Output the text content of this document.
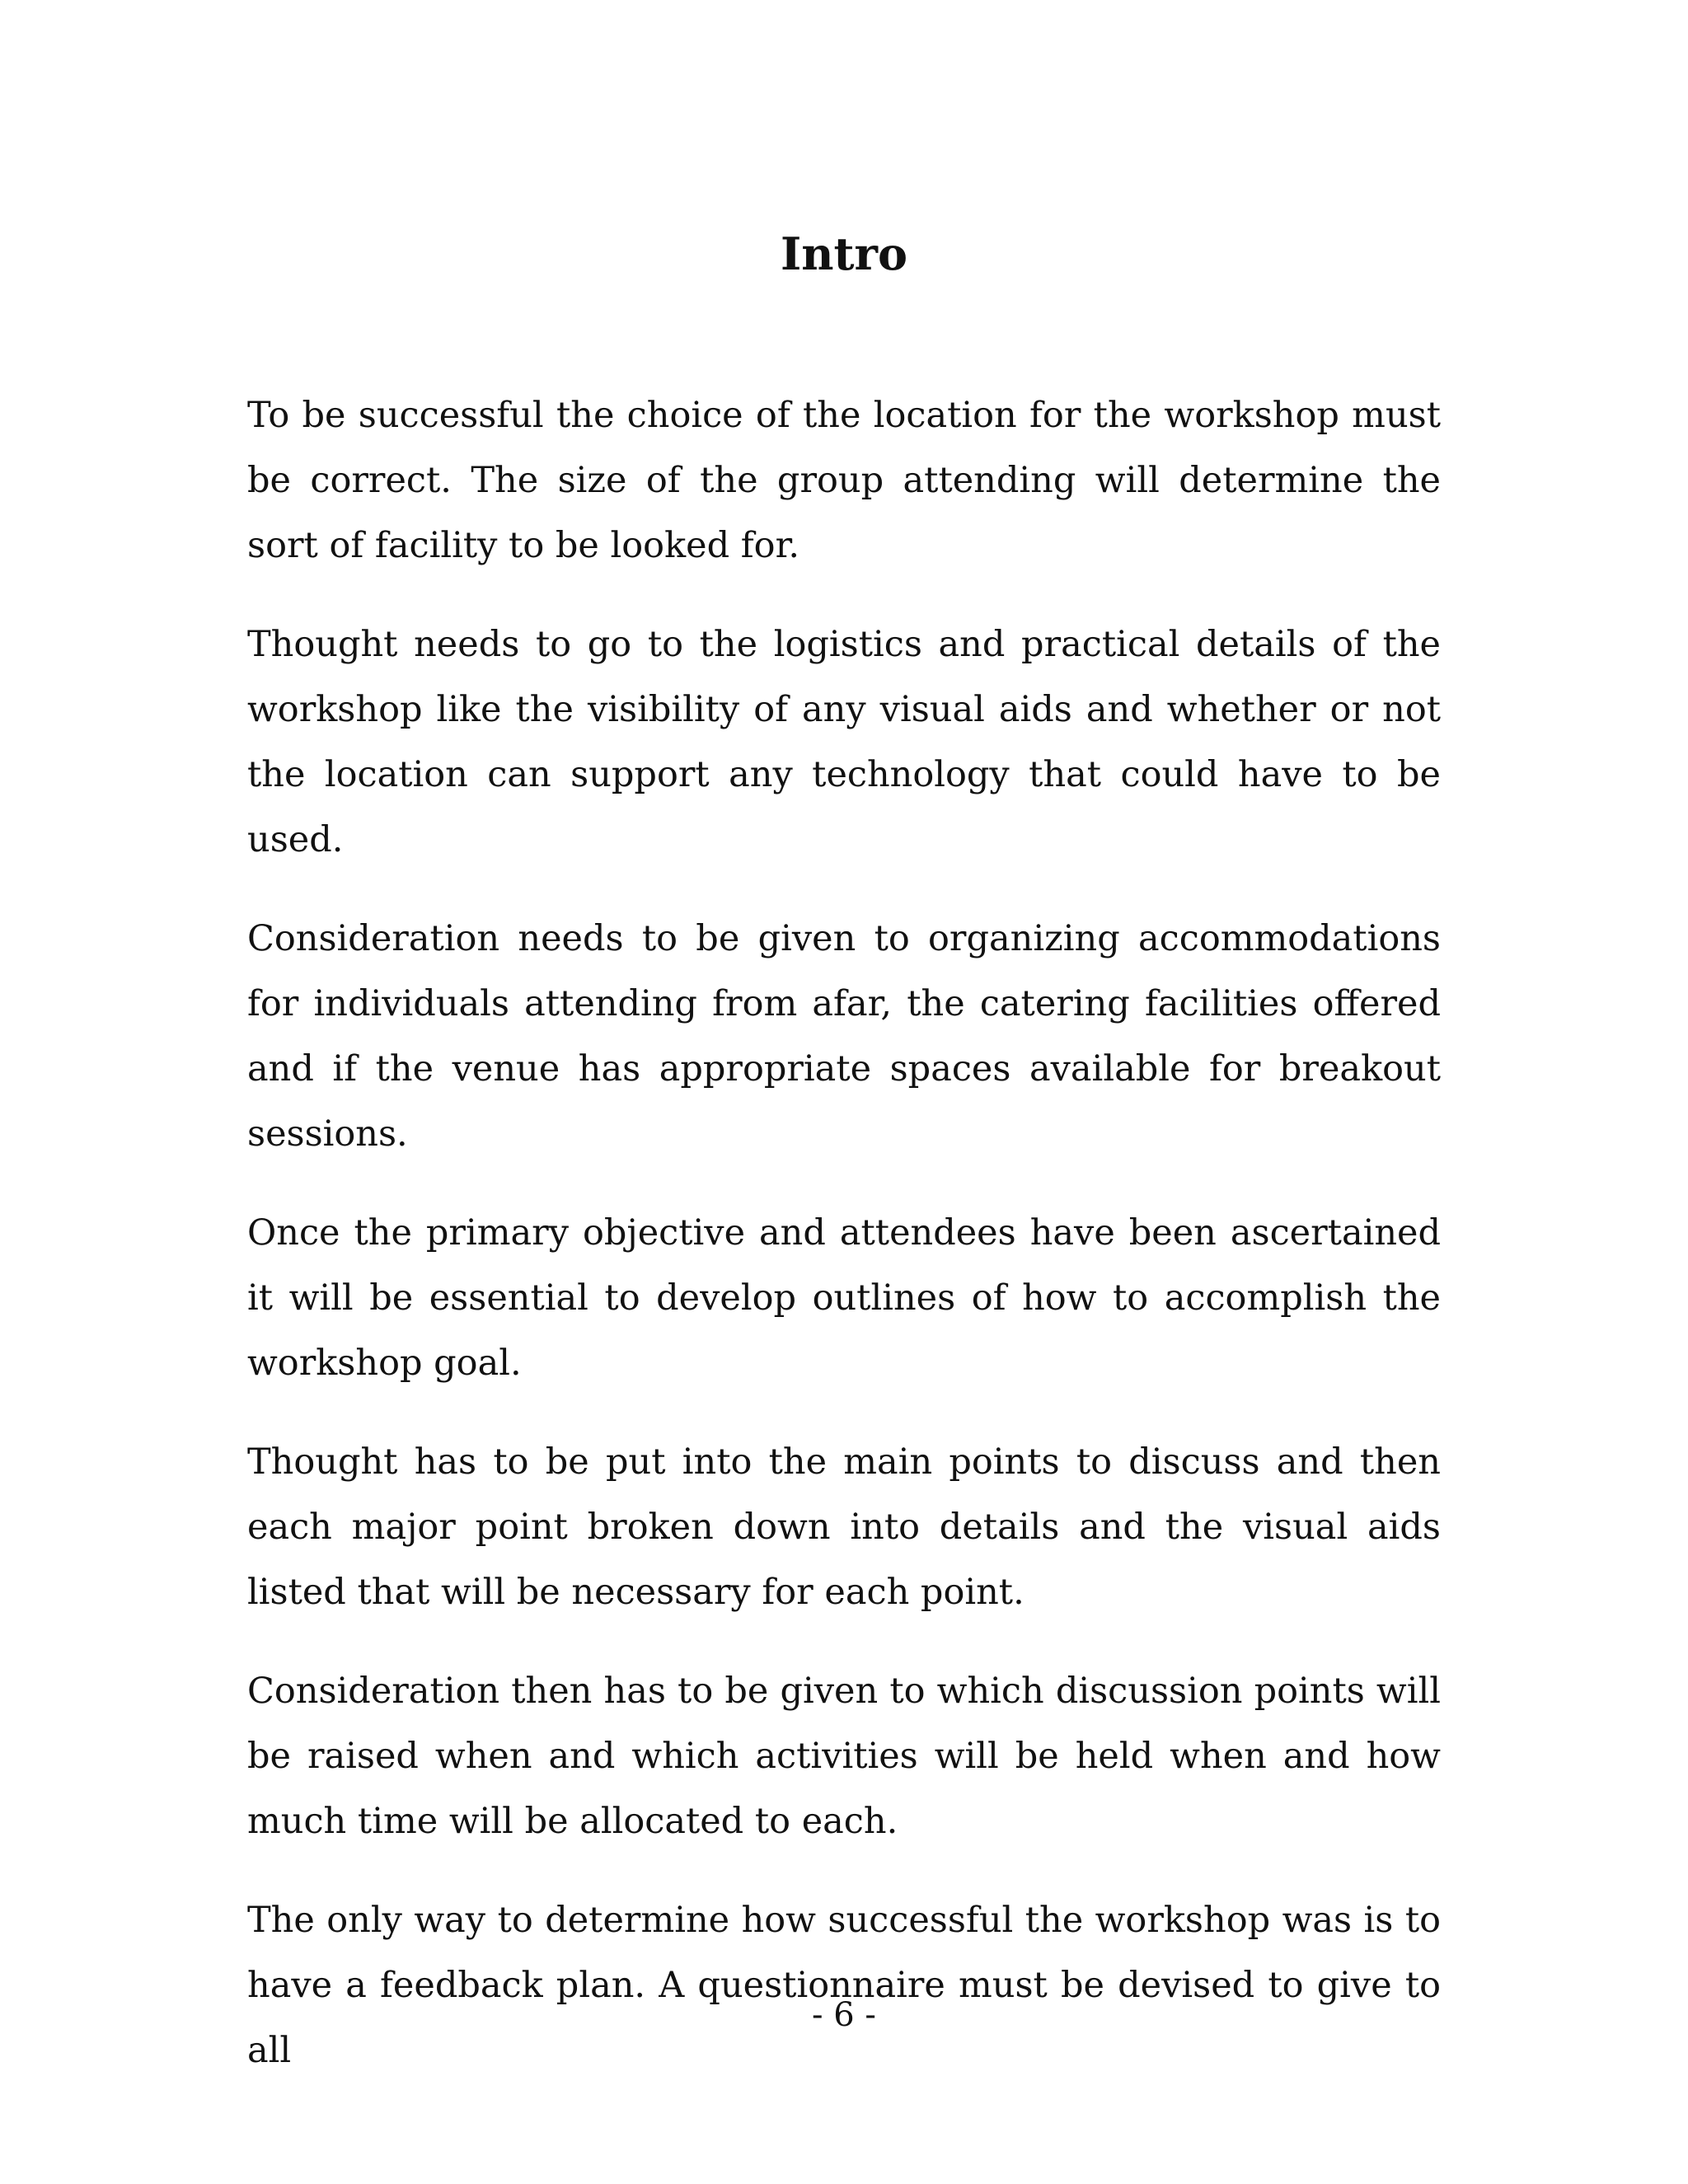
Intro

To be successful the choice of the location for the workshop must be correct. The size of the group attending will determine the sort of facility to be looked for.

Thought needs to go to the logistics and practical details of the workshop like the visibility of any visual aids and whether or not the location can support any technology that could have to be used.

Consideration needs to be given to organizing accommodations for individuals attending from afar, the catering facilities offered and if the venue has appropriate spaces available for breakout sessions.

Once the primary objective and attendees have been ascertained it will be essential to develop outlines of how to accomplish the workshop goal.

Thought has to be put into the main points to discuss and then each major point broken down into details and the visual aids listed that will be necessary for each point.

Consideration then has to be given to which discussion points will be raised when and which activities will be held when and how much time will be allocated to each.

The only way to determine how successful the workshop was is to have a feedback plan. A questionnaire must be devised to give to all

- 6 -
